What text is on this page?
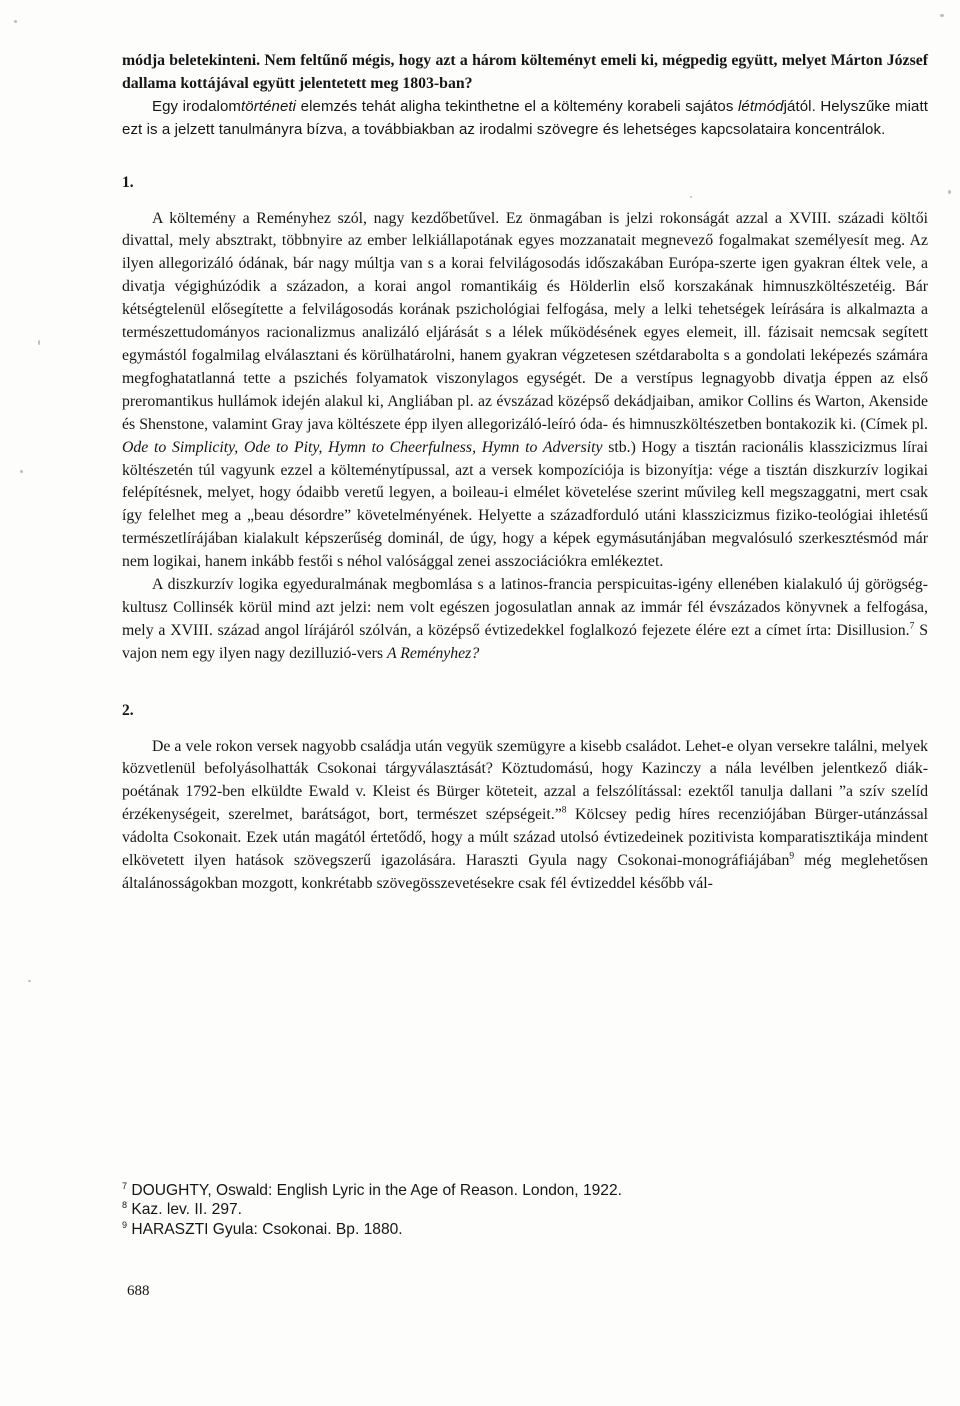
módja beletekinteni. Nem feltűnő mégis, hogy azt a három költeményt emeli ki, mégpedig együtt, melyet Márton József dallama kottájával együtt jelentetett meg 1803-ban?

Egy irodalomtörténeti elemzés tehát aligha tekinthetne el a költemény korabeli sajátos létmódjától. Helyszűke miatt ezt is a jelzett tanulmányra bízva, a továbbiakban az irodalmi szövegre és lehetséges kapcsolataira koncentrálok.

1.

A költemény a Reményhez szól, nagy kezdőbetűvel. Ez önmagában is jelzi rokonságát azzal a XVIII. századi költői divattal, mely absztrakt, többnyire az ember lelkiállapotának egyes mozzanatait megnevező fogalmakat személyesít meg. Az ilyen allegorizáló ódának, bár nagy múltja van s a korai felvilágosodás időszakában Európa-szerte igen gyakran éltek vele, a divatja végighúzódik a századon, a korai angol romantikáig és Hölderlin első korszakának himnuszköltészetéig. Bár kétségtelenül elősegítette a felvilágosodás korának pszichológiai felfogása, mely a lelki tehetségek leírására is alkalmazta a természettudományos racionalizmus analizáló eljárását s a lélek működésének egyes elemeit, ill. fázisait nemcsak segített egymástól fogalmilag elválasztani és körülhatárolni, hanem gyakran végzetesen szétdarabolta s a gondolati leképezés számára megfoghatatlanná tette a pszichés folyamatok viszonylagos egységét. De a verstípus legnagyobb divatja éppen az első preromantikus hullámok idején alakul ki, Angliában pl. az évszázad középső dekádjaiban, amikor Collins és Warton, Akenside és Shenstone, valamint Gray java költészete épp ilyen allegorizáló-leíró óda- és himnuszköltészetben bontakozik ki. (Címek pl. Ode to Simplicity, Ode to Pity, Hymn to Cheerfulness, Hymn to Adversity stb.) Hogy a tisztán racionális klasszicizmus lírai költészetén túl vagyunk ezzel a költeménytípussal, azt a versek kompozíciója is bizonyítja: vége a tisztán diszkurzív logikai felépítésnek, melyet, hogy ódaibb veretű legyen, a boileau-i elmélet követelése szerint művileg kell megszaggatni, mert csak így felelhet meg a „beau désordre” követelményének. Helyette a századforduló utáni klasszicizmus fiziko-teológiai ihletésű természetlírájában kialakult képszerűség dominál, de úgy, hogy a képek egymásutánjában megvalósuló szerkesztésmód már nem logikai, hanem inkább festői s néhol valósággal zenei asszociációkra emlékeztet.

A diszkurzív logika egyeduralmának megbomlása s a latinos-francia perspicuitas-igény ellenében kialakuló új görögség-kultusz Collinsék körül mind azt jelzi: nem volt egészen jogosulatlan annak az immár fél évszázados könyvnek a felfogása, mely a XVIII. század angol lírájáról szólván, a középső évtizedekkel foglalkozó fejezete élére ezt a címet írta: Disillusion.$^7$ S vajon nem egy ilyen nagy dezilluzió-vers A Reményhez?

2.

De a vele rokon versek nagyobb családja után vegyük szemügyre a kisebb családot. Lehet-e olyan versekre találni, melyek közvetlenül befolyásolhatták Csokonai tárgyválasztását? Köztudomású, hogy Kazinczy a nála levélben jelentkező diák-poétának 1792-ben elküldte Ewald v. Kleist és Bürger köteteit, azzal a felszólítással: ezektől tanulja dallani ”a szív szelíd érzékenységeit, szerelmet, barátságot, bort, természet szépségeit.”$^8$ Kölcsey pedig híres recenziójában Bürger-utánzással vádolta Csokonait. Ezek után magától értetődő, hogy a múlt század utolsó évtizedeinek pozitivista komparatisztikája mindent elkövetett ilyen hatások szövegszerű igazolására. Haraszti Gyula nagy Csokonai-monográfiájában$^9$ még meglehetősen általánosságokban mozgott, konkrétabb szövegösszevetésekre csak fél évtizeddel később vál-

$^7$ DOUGHTY, Oswald: English Lyric in the Age of Reason. London, 1922.

$^8$ Kaz. lev. II. 297.

$^9$ HARASZTI Gyula: Csokonai. Bp. 1880.

688
